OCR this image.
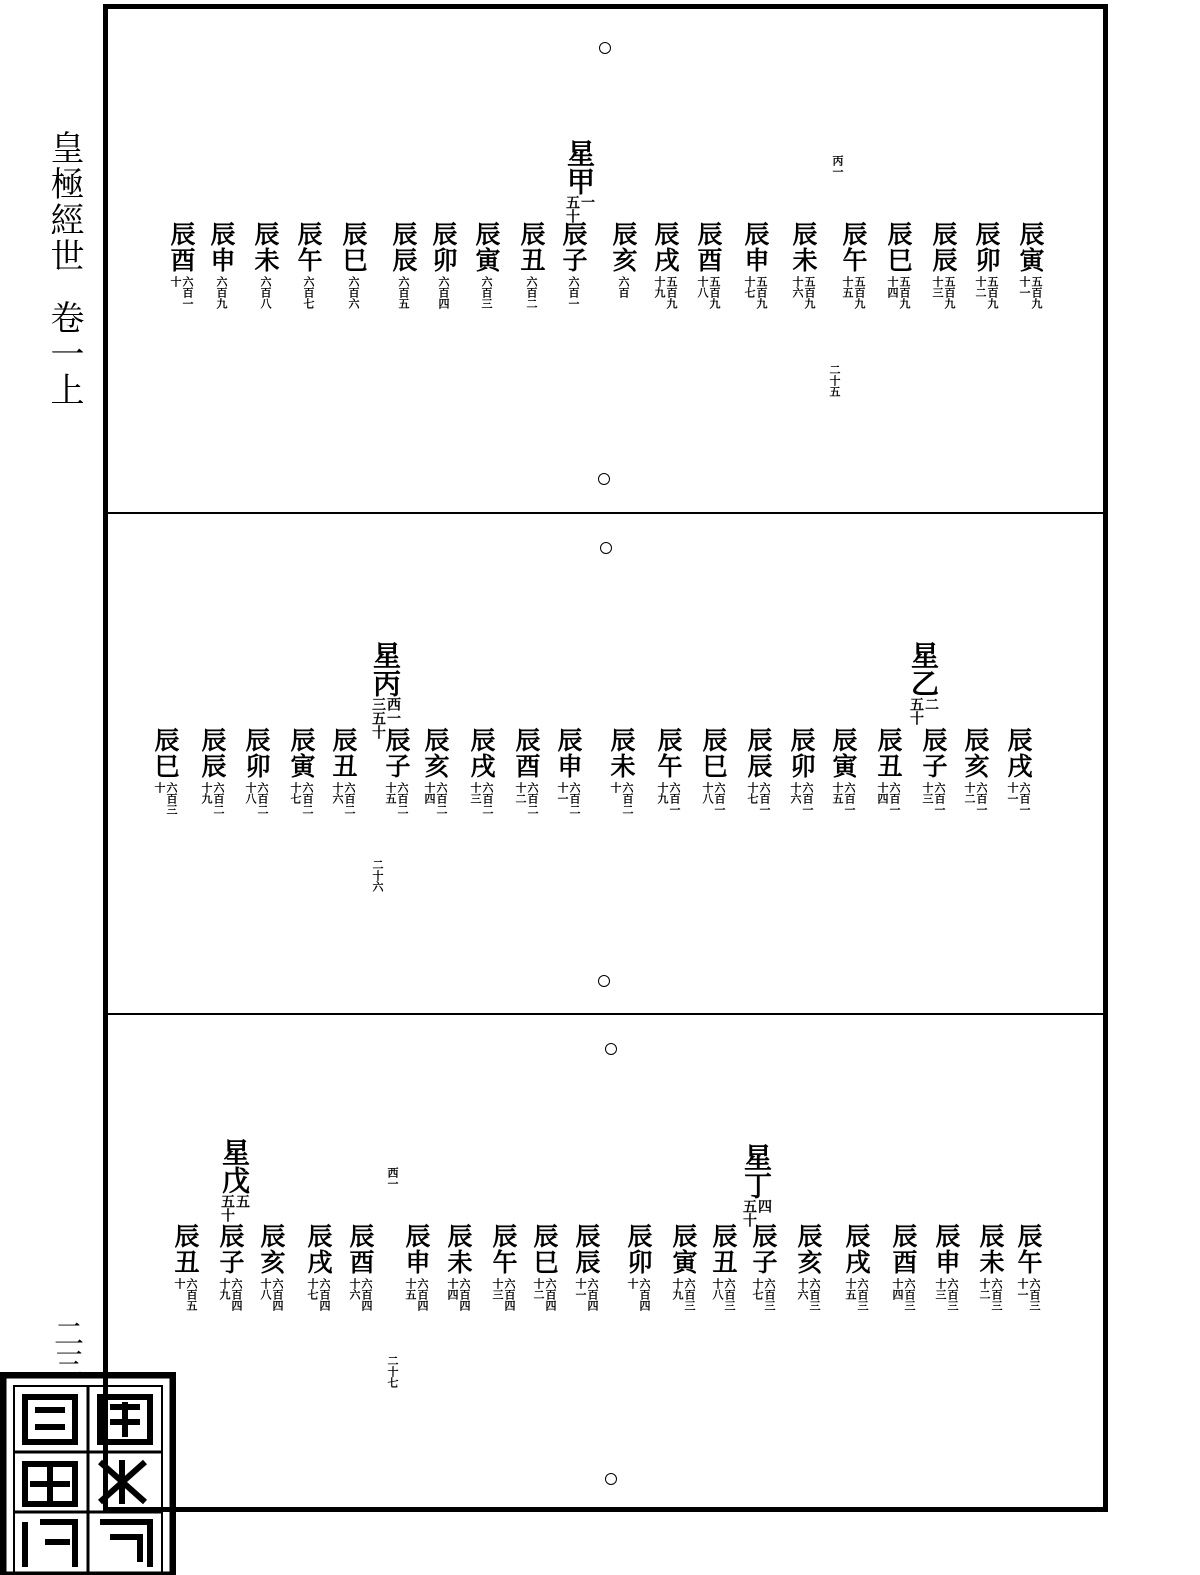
皇極經世卷一上
二三
星甲
一
五十
丙一
二十五
辰寅
五百九
十一
辰卯
五百九
十二
辰辰
五百九
十三
辰巳
五百九
十四
辰午
五百九
十五
辰未
五百九
十六
辰申
五百九
十七
辰酉
五百九
十八
辰戌
五百九
十九
辰亥
六百
辰子
六百一
辰丑
六百二
辰寅
六百三
辰卯
六百四
辰辰
六百五
辰巳
六百六
辰午
六百七
辰未
六百八
辰申
六百九
辰酉
六百一
十
星乙
二
五十
星丙
西一
三五十
二十六
辰戌
六百一
十一
辰亥
六百一
十二
辰子
六百一
十三
辰丑
六百一
十四
辰寅
六百一
十五
辰卯
六百一
十六
辰辰
六百一
十七
辰巳
六百一
十八
辰午
六百一
十九
辰未
六百二
十
辰申
六百二
十一
辰酉
六百二
十二
辰戌
六百二
十三
辰亥
六百二
十四
辰子
六百二
十五
辰丑
六百二
十六
辰寅
六百二
十七
辰卯
六百二
十八
辰辰
六百二
十九
辰巳
六百三
十
星丁
四
五十
星戊
五
五十
西一
二十七
辰午
六百三
十一
辰未
六百三
十二
辰申
六百三
十三
辰酉
六百三
十四
辰戌
六百三
十五
辰亥
六百三
十六
辰子
六百三
十七
辰丑
六百三
十八
辰寅
六百三
十九
辰卯
六百四
十
辰辰
六百四
十一
辰巳
六百四
十二
辰午
六百四
十三
辰未
六百四
十四
辰申
六百四
十五
辰酉
六百四
十六
辰戌
六百四
十七
辰亥
六百四
十八
辰子
六百四
十九
辰丑
六百五
十
